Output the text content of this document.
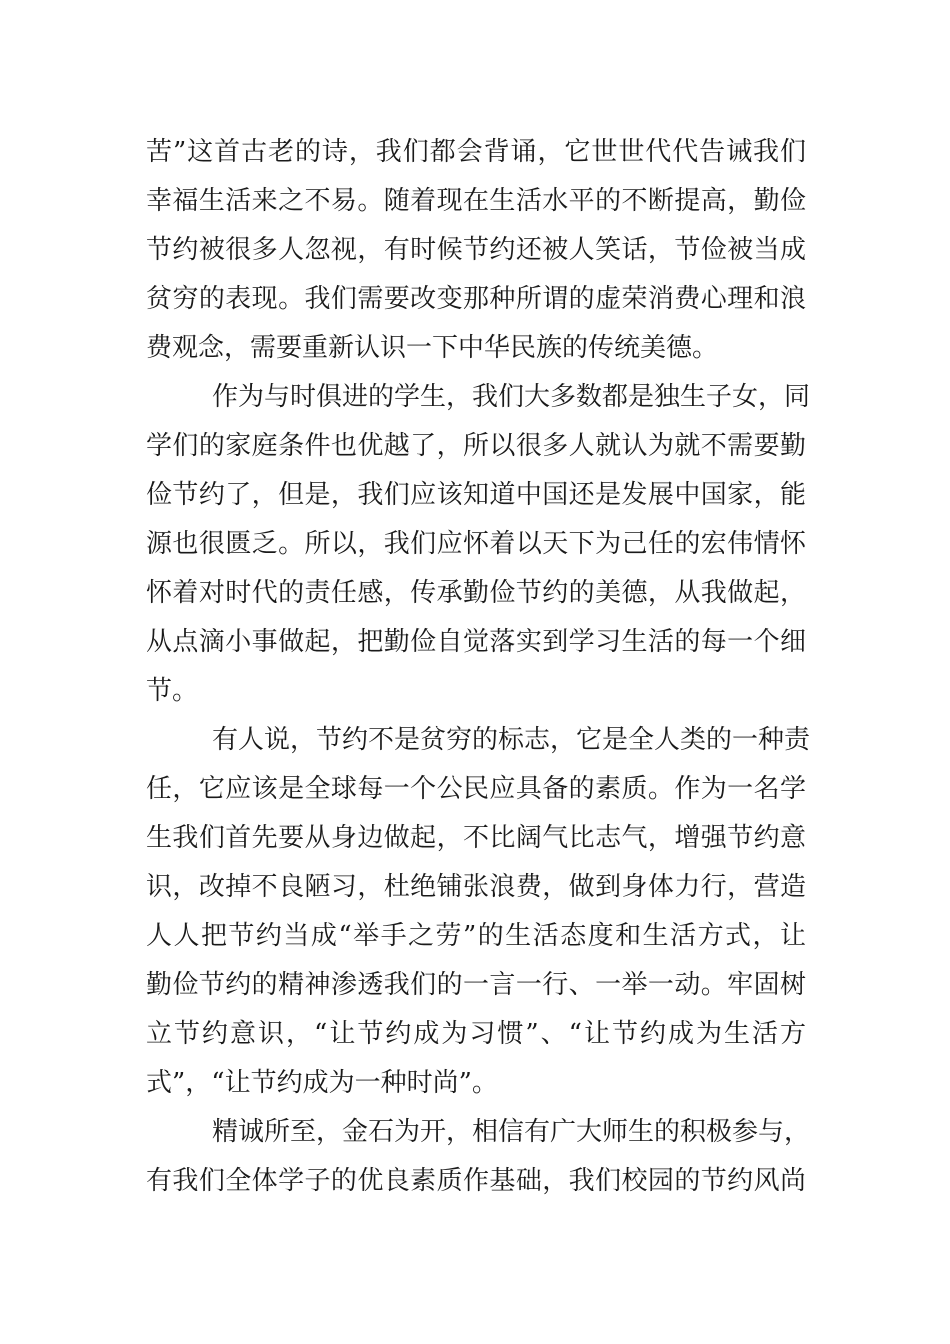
苦”这首古老的诗，我们都会背诵，它世世代代告诫我们
幸福生活来之不易。随着现在生活水平的不断提高，勤俭
节约被很多人忽视，有时候节约还被人笑话，节俭被当成
贫穷的表现。我们需要改变那种所谓的虚荣消费心理和浪
费观念，需要重新认识一下中华民族的传统美德。
作为与时俱进的学生，我们大多数都是独生子女，同
学们的家庭条件也优越了，所以很多人就认为就不需要勤
俭节约了，但是，我们应该知道中国还是发展中国家，能
源也很匮乏。所以，我们应怀着以天下为己任的宏伟情怀
怀着对时代的责任感，传承勤俭节约的美德，从我做起，
从点滴小事做起，把勤俭自觉落实到学习生活的每一个细
节。
有人说，节约不是贫穷的标志，它是全人类的一种责
任，它应该是全球每一个公民应具备的素质。作为一名学
生我们首先要从身边做起，不比阔气比志气，增强节约意
识，改掉不良陋习，杜绝铺张浪费，做到身体力行，营造
人人把节约当成“举手之劳”的生活态度和生活方式，让
勤俭节约的精神渗透我们的一言一行、一举一动。牢固树
立节约意识，“让节约成为习惯”、“让节约成为生活方
式”，“让节约成为一种时尚”。
精诚所至，金石为开，相信有广大师生的积极参与，
有我们全体学子的优良素质作基础，我们校园的节约风尚
